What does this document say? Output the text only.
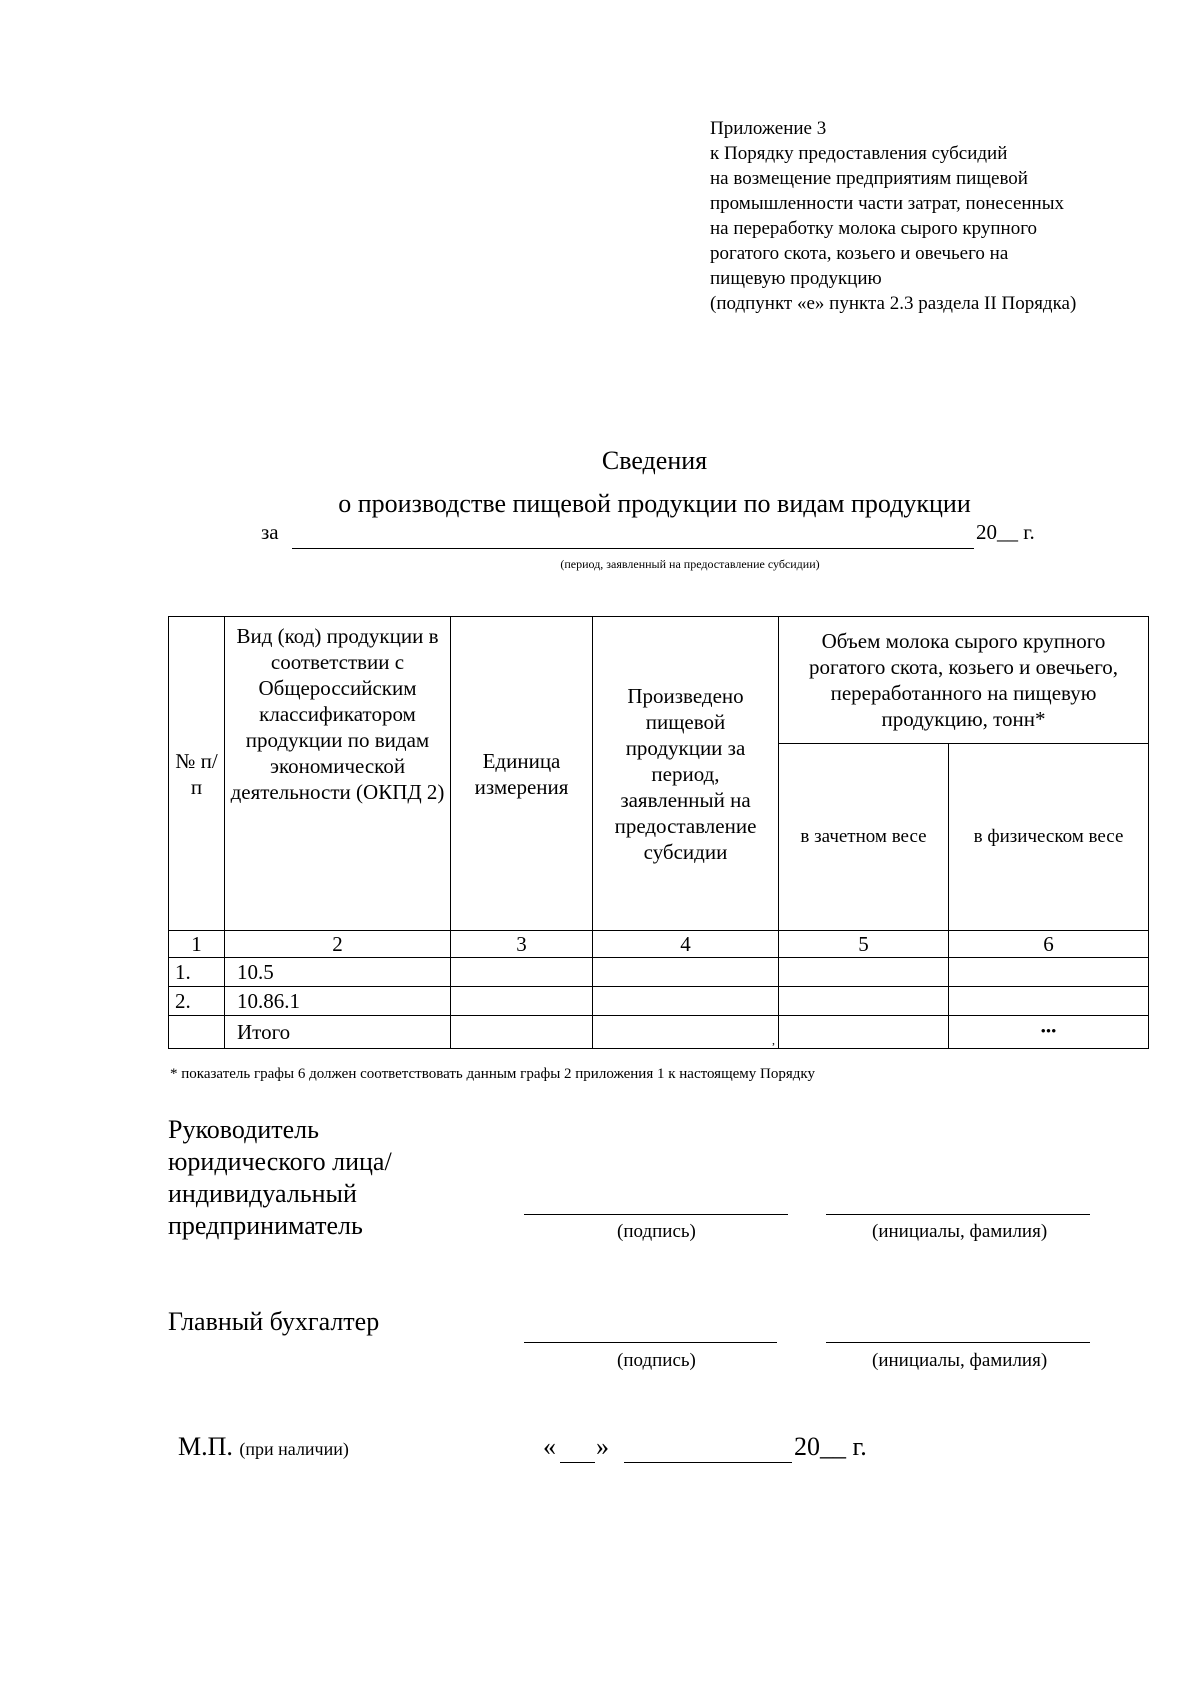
Приложение 3
к Порядку предоставления субсидий
на возмещение предприятиям пищевой
промышленности части затрат, понесенных
на переработку молока сырого крупного
рогатого скота, козьего и овечьего на
пищевую продукцию
(подпункт «е» пункта 2.3 раздела II Порядка)
Сведения
о производстве пищевой продукции по видам продукции
за	20__ г.
(период, заявленный на предоставление субсидии)
№ п/п	Вид (код) продукции в соответствии с Общероссийским классификатором продукции по видам экономической деятельности (ОКПД 2)	Единица измерения	Произведено пищевой продукции за период, заявленный на предоставление субсидии	Объем молока сырого крупного рогатого скота, козьего и овечьего, переработанного на пищевую продукцию, тонн*	
				в зачетном весе	в физическом весе
1	2	3	4	5	6
1.	10.5				
2.	10.86.1				
	Итого		$_,$		•••
* показатель графы 6 должен соответствовать данным графы 2 приложения 1 к настоящему Порядку
Руководитель
юридического лица/
индивидуальный
предприниматель	(подпись)	(инициалы, фамилия)
Главный бухгалтер
(подпись)	(инициалы, фамилия)
М.П. (при наличии)	« »	20__ г.
